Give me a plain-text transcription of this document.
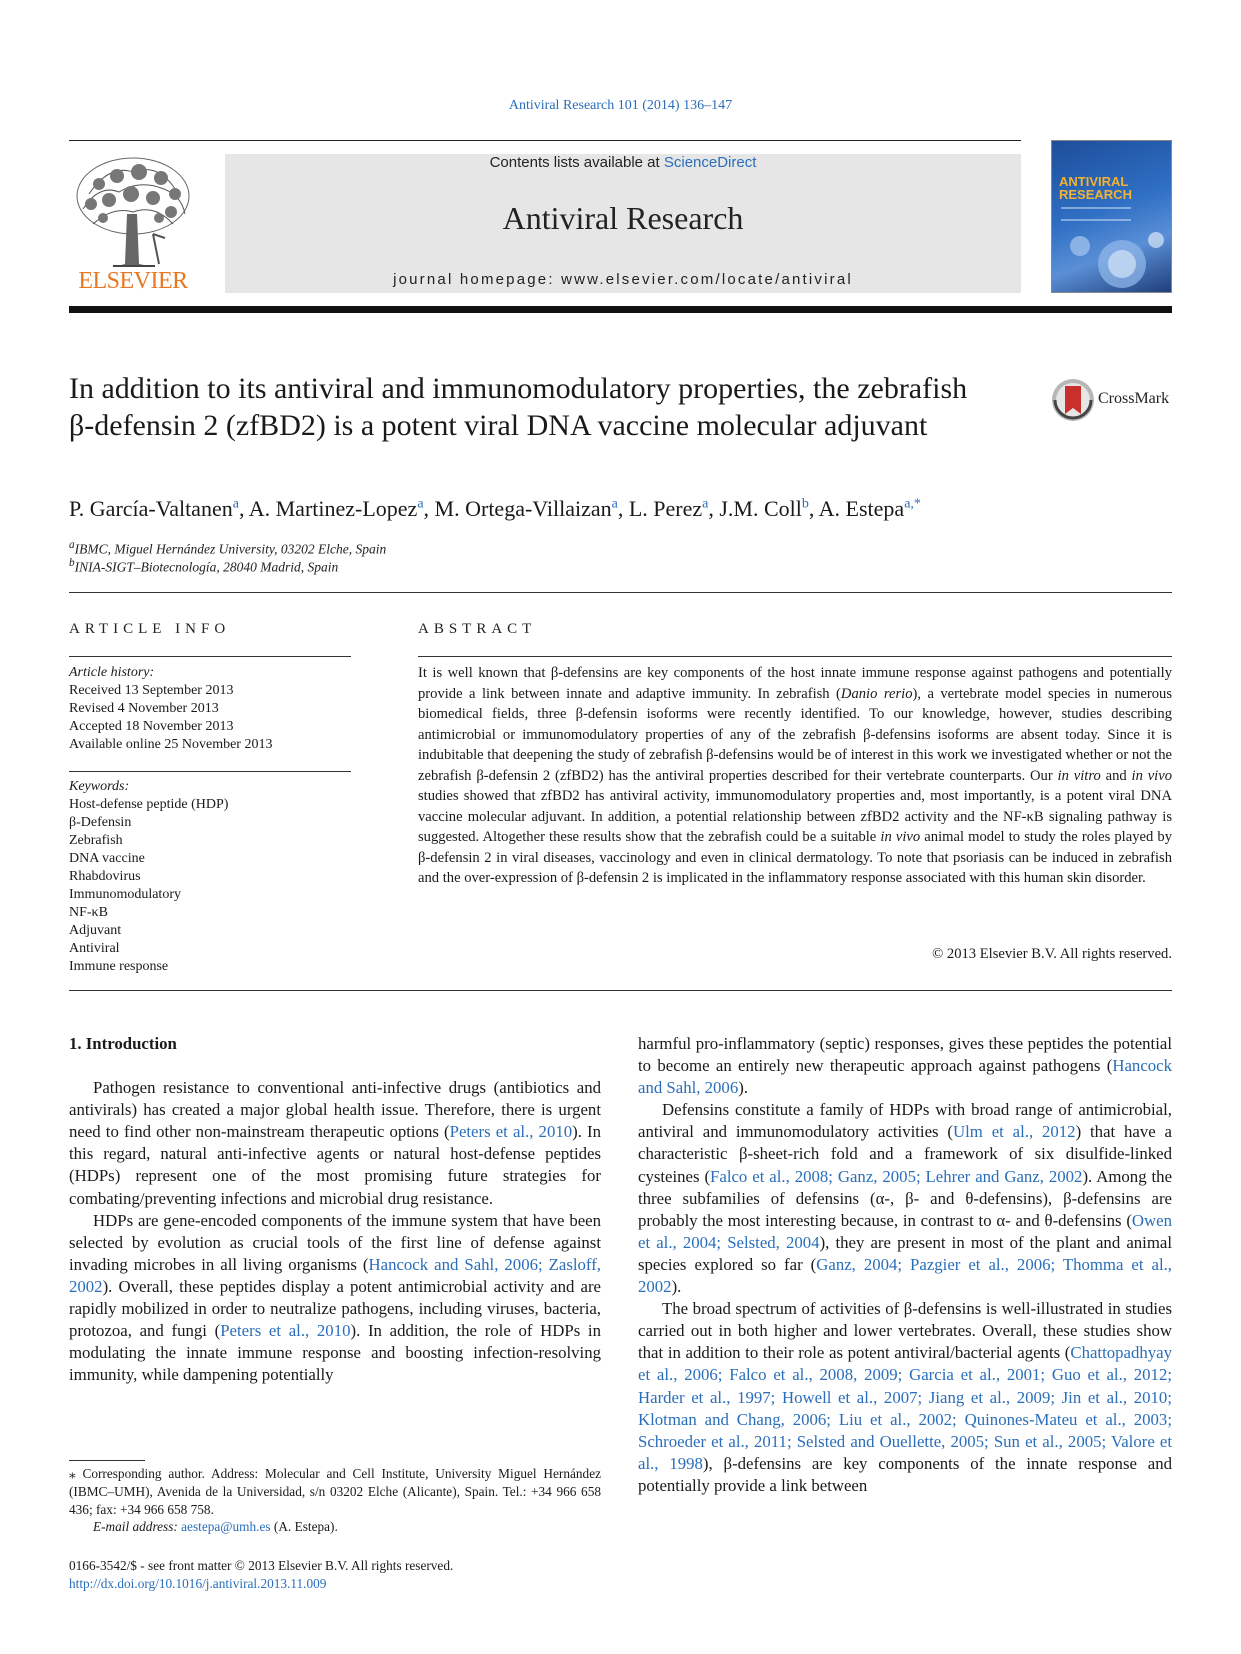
Antiviral Research 101 (2014) 136–147
ELSEVIER
Contents lists available at ScienceDirect
Antiviral Research
journal homepage: www.elsevier.com/locate/antiviral
ANTIVIRAL RESEARCH
In addition to its antiviral and immunomodulatory properties, the zebrafish β-defensin 2 (zfBD2) is a potent viral DNA vaccine molecular adjuvant
CrossMark
P. García-Valtanen$^a$, A. Martinez-Lopez$^a$, M. Ortega-Villaizan$^a$, L. Perez$^a$, J.M. Coll$^b$, A. Estepa$^{a,*}$
$^a$IBMC, Miguel Hernández University, 03202 Elche, Spain
$^b$INIA-SIGT–Biotecnología, 28040 Madrid, Spain
ARTICLE INFO	ABSTRACT
Article history:
Received 13 September 2013
Revised 4 November 2013
Accepted 18 November 2013
Available online 25 November 2013
Keywords:
Host-defense peptide (HDP)
β-Defensin
Zebrafish
DNA vaccine
Rhabdovirus
Immunomodulatory
NF-κB
Adjuvant
Antiviral
Immune response
It is well known that β-defensins are key components of the host innate immune response against pathogens and potentially provide a link between innate and adaptive immunity. In zebrafish (Danio rerio), a vertebrate model species in numerous biomedical fields, three β-defensin isoforms were recently identified. To our knowledge, however, studies describing antimicrobial or immunomodulatory properties of any of the zebrafish β-defensins isoforms are absent today. Since it is indubitable that deepening the study of zebrafish β-defensins would be of interest in this work we investigated whether or not the zebrafish β-defensin 2 (zfBD2) has the antiviral properties described for their vertebrate counterparts. Our in vitro and in vivo studies showed that zfBD2 has antiviral activity, immunomodulatory properties and, most importantly, is a potent viral DNA vaccine molecular adjuvant. In addition, a potential relationship between zfBD2 activity and the NF-κB signaling pathway is suggested. Altogether these results show that the zebrafish could be a suitable in vivo animal model to study the roles played by β-defensin 2 in viral diseases, vaccinology and even in clinical dermatology. To note that psoriasis can be induced in zebrafish and the over-expression of β-defensin 2 is implicated in the inflammatory response associated with this human skin disorder.
© 2013 Elsevier B.V. All rights reserved.
1. Introduction

Pathogen resistance to conventional anti-infective drugs (antibiotics and antivirals) has created a major global health issue. Therefore, there is urgent need to find other non-mainstream therapeutic options (Peters et al., 2010). In this regard, natural anti-infective agents or natural host-defense peptides (HDPs) represent one of the most promising future strategies for combating/preventing infections and microbial drug resistance.

HDPs are gene-encoded components of the immune system that have been selected by evolution as crucial tools of the first line of defense against invading microbes in all living organisms (Hancock and Sahl, 2006; Zasloff, 2002). Overall, these peptides display a potent antimicrobial activity and are rapidly mobilized in order to neutralize pathogens, including viruses, bacteria, protozoa, and fungi (Peters et al., 2010). In addition, the role of HDPs in modulating the innate immune response and boosting infection-resolving immunity, while dampening potentially

harmful pro-inflammatory (septic) responses, gives these peptides the potential to become an entirely new therapeutic approach against pathogens (Hancock and Sahl, 2006).

Defensins constitute a family of HDPs with broad range of antimicrobial, antiviral and immunomodulatory activities (Ulm et al., 2012) that have a characteristic β-sheet-rich fold and a framework of six disulfide-linked cysteines (Falco et al., 2008; Ganz, 2005; Lehrer and Ganz, 2002). Among the three subfamilies of defensins (α-, β- and θ-defensins), β-defensins are probably the most interesting because, in contrast to α- and θ-defensins (Owen et al., 2004; Selsted, 2004), they are present in most of the plant and animal species explored so far (Ganz, 2004; Pazgier et al., 2006; Thomma et al., 2002).

The broad spectrum of activities of β-defensins is well-illustrated in studies carried out in both higher and lower vertebrates. Overall, these studies show that in addition to their role as potent antiviral/bacterial agents (Chattopadhyay et al., 2006; Falco et al., 2008, 2009; Garcia et al., 2001; Guo et al., 2012; Harder et al., 1997; Howell et al., 2007; Jiang et al., 2009; Jin et al., 2010; Klotman and Chang, 2006; Liu et al., 2002; Quinones-Mateu et al., 2003; Schroeder et al., 2011; Selsted and Ouellette, 2005; Sun et al., 2005; Valore et al., 1998), β-defensins are key components of the innate response and potentially provide a link between

⁎ Corresponding author. Address: Molecular and Cell Institute, University Miguel Hernández (IBMC–UMH), Avenida de la Universidad, s/n 03202 Elche (Alicante), Spain. Tel.: +34 966 658 436; fax: +34 966 658 758.
E-mail address: aestepa@umh.es (A. Estepa).
0166-3542/$ - see front matter © 2013 Elsevier B.V. All rights reserved.
http://dx.doi.org/10.1016/j.antiviral.2013.11.009
